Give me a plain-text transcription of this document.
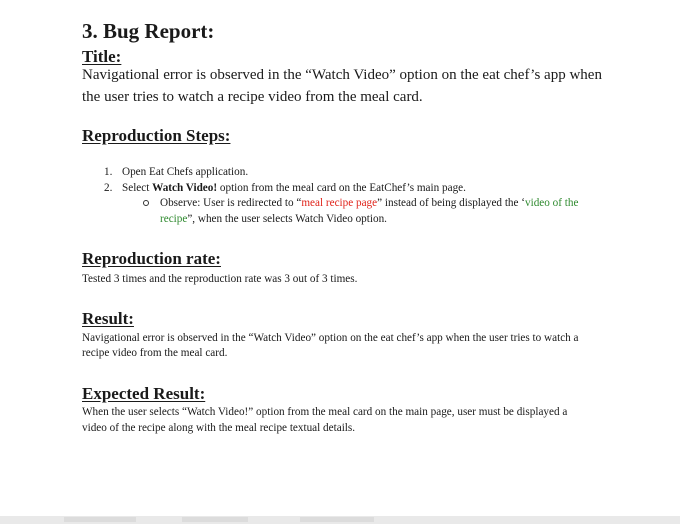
3. Bug Report:
Title:
Navigational error is observed in the “Watch Video” option on the eat chef’s app when
the user tries to watch a recipe video from the meal card.
Reproduction Steps:
1. Open Eat Chefs application.
2. Select Watch Video! option from the meal card on the EatChef’s main page.
Observe: User is redirected to “meal recipe page” instead of being displayed the ‘video of the
recipe”, when the user selects Watch Video option.
Reproduction rate:
Tested 3 times and the reproduction rate was 3 out of 3 times.
Result:
Navigational error is observed in the “Watch Video” option on the eat chef’s app when the user tries to watch a
recipe video from the meal card.
Expected Result:
When the user selects “Watch Video!” option from the meal card on the main page, user must be displayed a
video of the recipe along with the meal recipe textual details.
